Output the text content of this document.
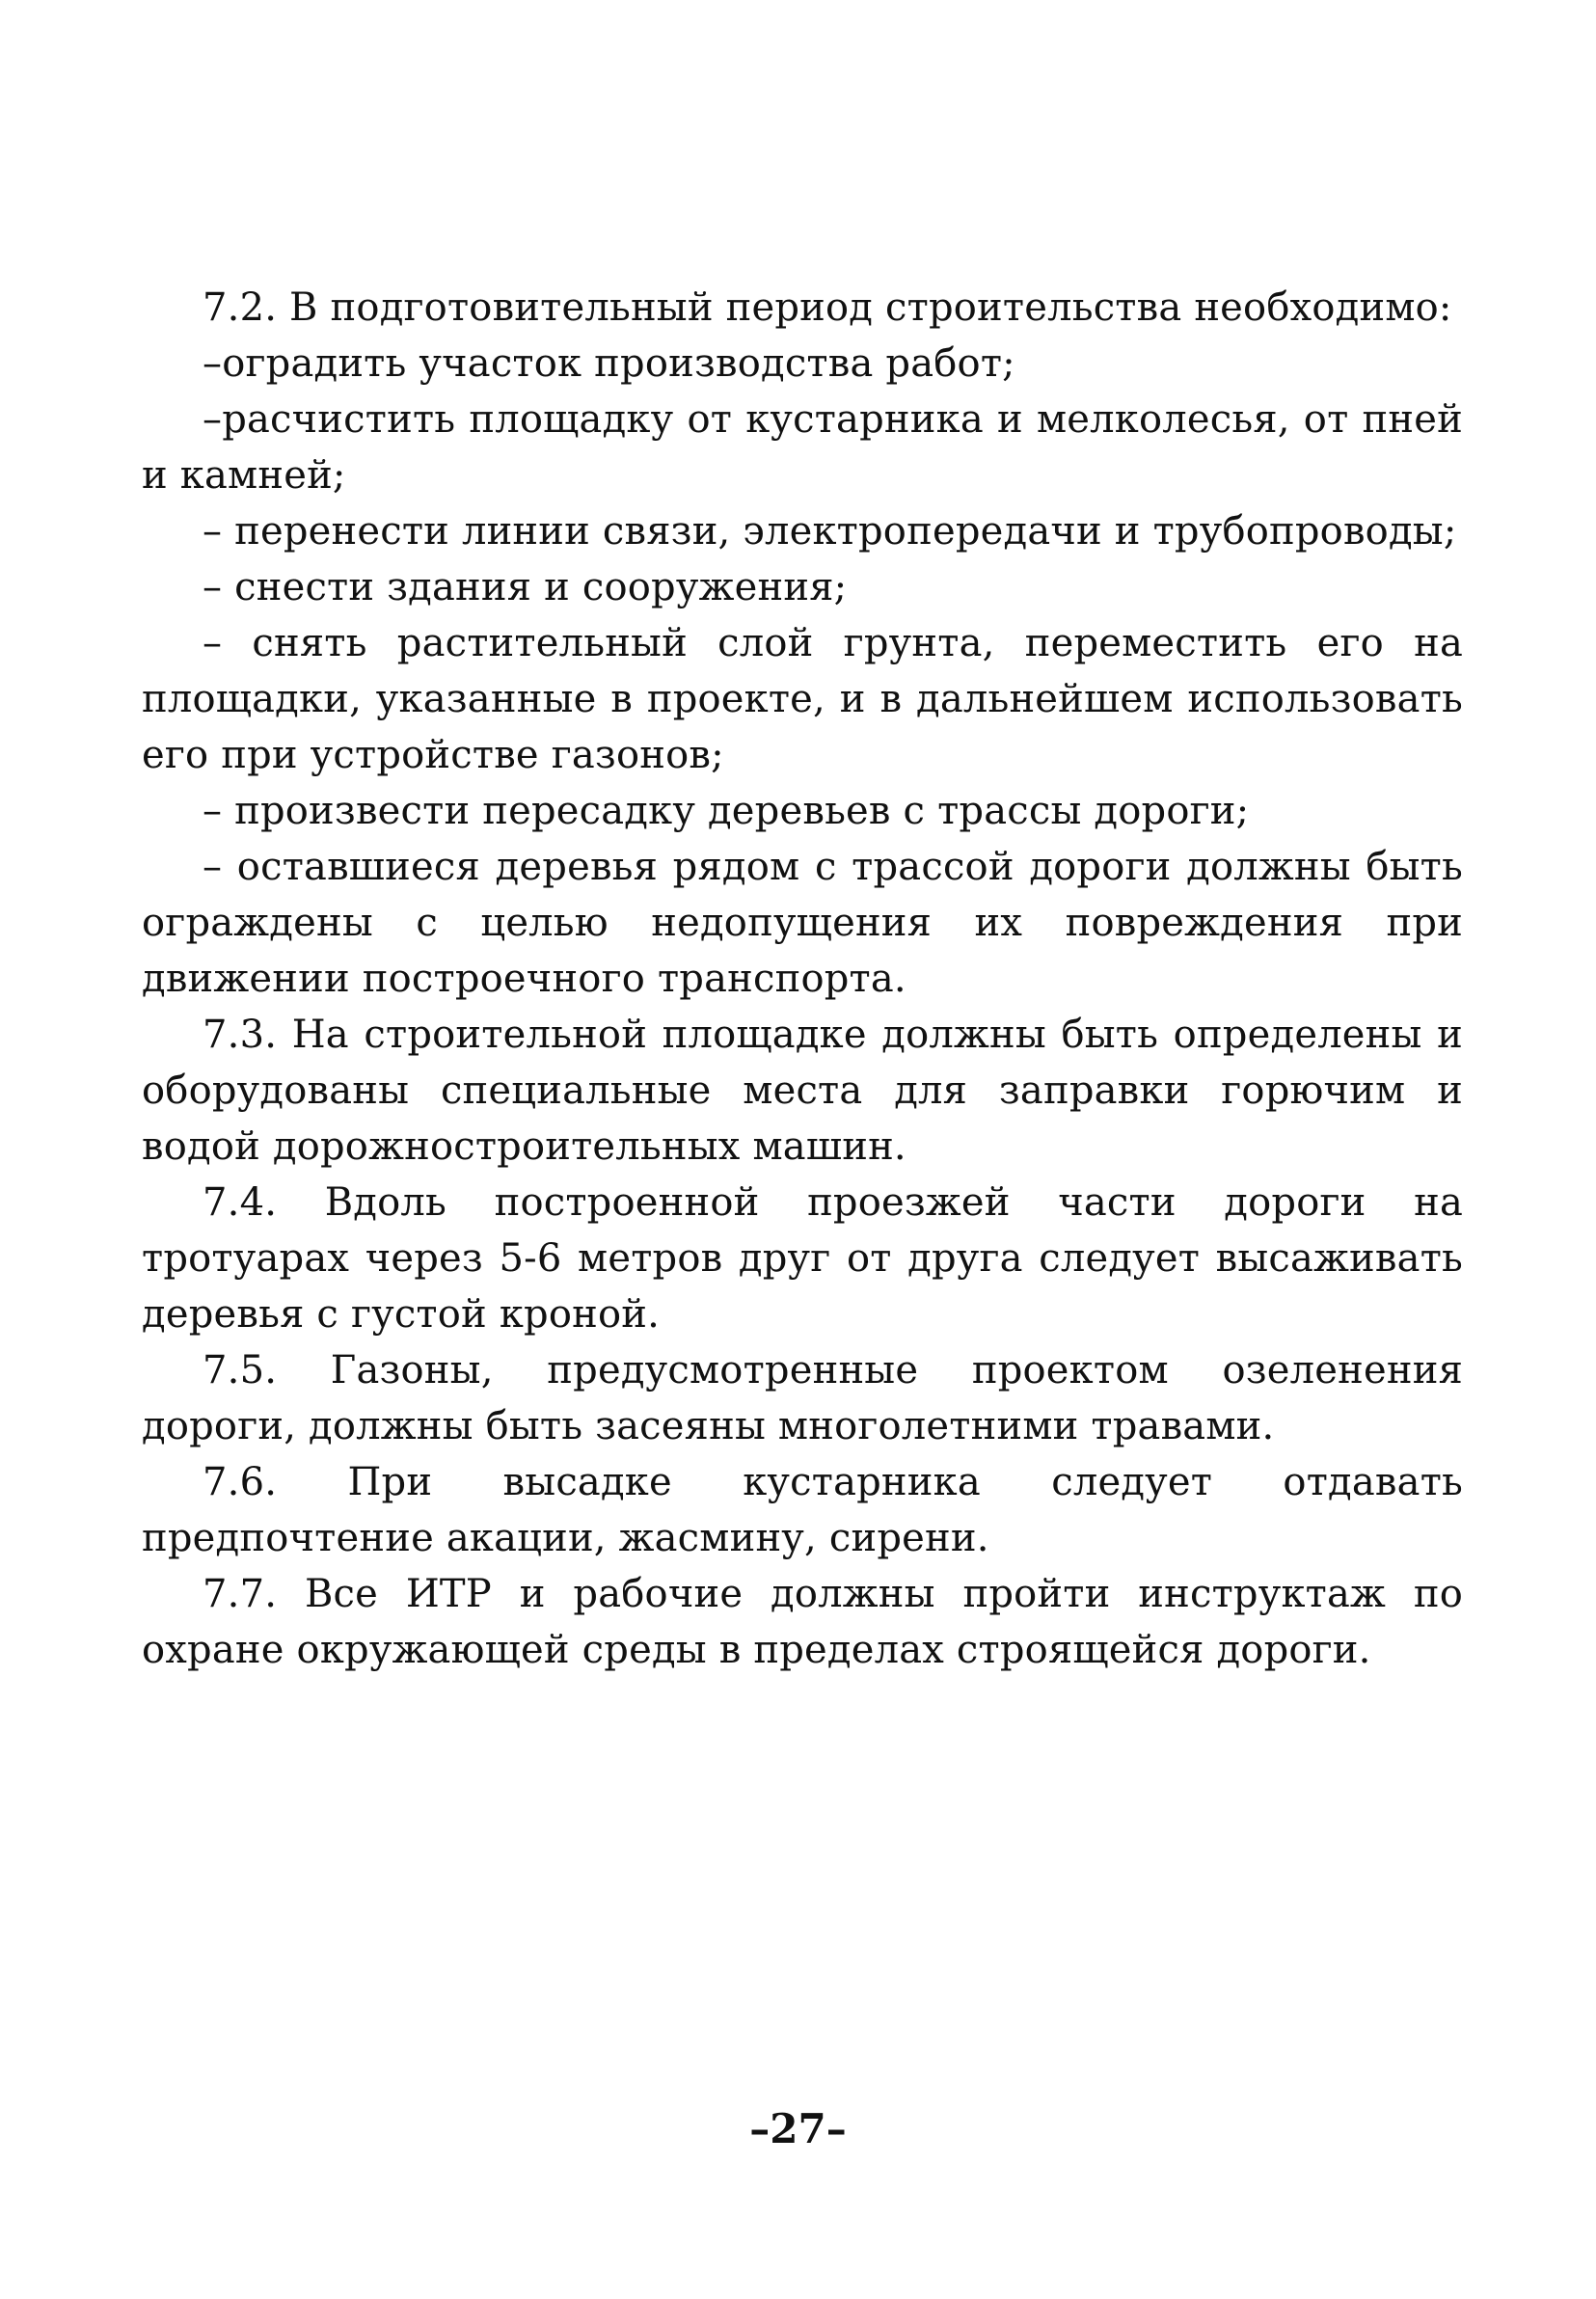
7.2. В подготовительный период строительства необходимо:

–оградить участок производства работ;

–расчистить площадку от кустарника и мелколесья, от пней и камней;

– перенести линии связи, электропередачи и трубопроводы;

– снести здания и сооружения;

– снять растительный слой грунта, переместить его на площадки, указанные в проекте, и в дальнейшем использовать его при устройстве газонов;

– произвести пересадку деревьев с трассы дороги;

– оставшиеся деревья рядом с трассой дороги должны быть ограждены с целью недопущения их повреждения при движении построечного транспорта.

7.3. На строительной площадке должны быть определены и оборудованы специальные места для заправки горючим и водой дорожностроительных машин.

7.4. Вдоль построенной проезжей части дороги на тротуарах через 5-6 метров друг от друга следует высаживать деревья с густой кроной.

7.5. Газоны, предусмотренные проектом озеленения дороги, должны быть засеяны многолетними травами.

7.6. При высадке кустарника следует отдавать предпочтение акации, жасмину, сирени.

7.7. Все ИТР и рабочие должны пройти инструктаж по охране окружающей среды в пределах строящейся дороги.

–27–
